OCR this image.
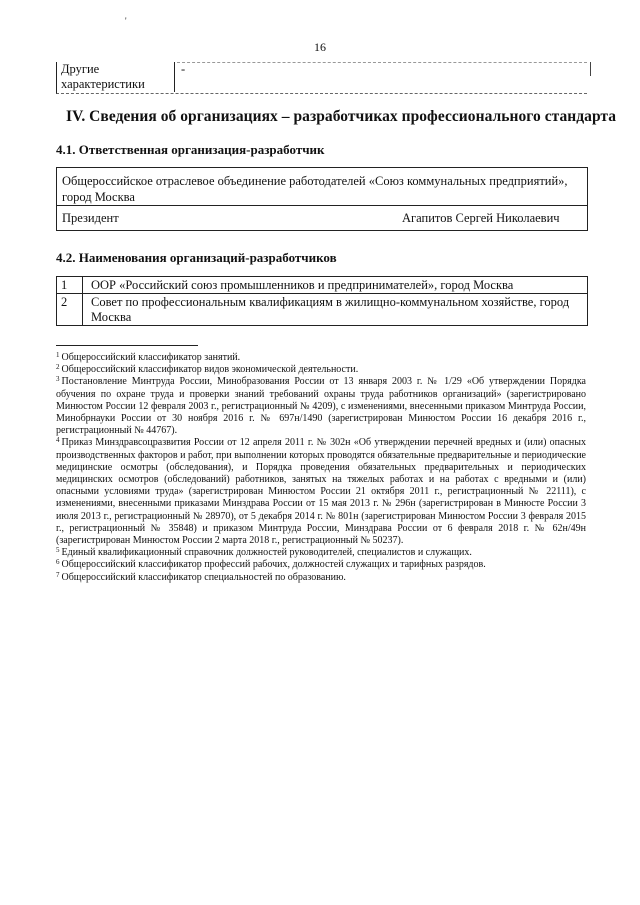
'
16
Другие характеристики
-
IV. Сведения об организациях – разработчиках профессионального стандарта
4.1. Ответственная организация-разработчик
Общероссийское отраслевое объединение работодателей «Союз коммунальных предприятий», город Москва
Президент	Агапитов Сергей Николаевич
4.2. Наименования организаций-разработчиков
1 ООР «Российский союз промышленников и предпринимателей», город Москва
2 Совет по профессиональным квалификациям в жилищно-коммунальном хозяйстве, город Москва

$^1$ Общероссийский классификатор занятий.

$^2$ Общероссийский классификатор видов экономической деятельности.

$^3$ Постановление Минтруда России, Минобразования России от 13 января 2003 г. № 1/29 «Об утверждении Порядка обучения по охране труда и проверки знаний требований охраны труда работников организаций» (зарегистрировано Минюстом России 12 февраля 2003 г., регистрационный № 4209), с изменениями, внесенными приказом Минтруда России, Минобрнауки России от 30 ноября 2016 г. № 697н/1490 (зарегистрирован Минюстом России 16 декабря 2016 г., регистрационный № 44767).

$^4$ Приказ Минздравсоцразвития России от 12 апреля 2011 г. № 302н «Об утверждении перечней вредных и (или) опасных производственных факторов и работ, при выполнении которых проводятся обязательные предварительные и периодические медицинские осмотры (обследования), и Порядка проведения обязательных предварительных и периодических медицинских осмотров (обследований) работников, занятых на тяжелых работах и на работах с вредными и (или) опасными условиями труда» (зарегистрирован Минюстом России 21 октября 2011 г., регистрационный № 22111), с изменениями, внесенными приказами Минздрава России от 15 мая 2013 г. № 296н (зарегистрирован в Минюсте России 3 июля 2013 г., регистрационный № 28970), от 5 декабря 2014 г. № 801н (зарегистрирован Минюстом России 3 февраля 2015 г., регистрационный № 35848) и приказом Минтруда России, Минздрава России от 6 февраля 2018 г. № 62н/49н (зарегистрирован Минюстом России 2 марта 2018 г., регистрационный № 50237).

$^5$ Единый квалификационный справочник должностей руководителей, специалистов и служащих.

$^6$ Общероссийский классификатор профессий рабочих, должностей служащих и тарифных разрядов.

$^7$ Общероссийский классификатор специальностей по образованию.
